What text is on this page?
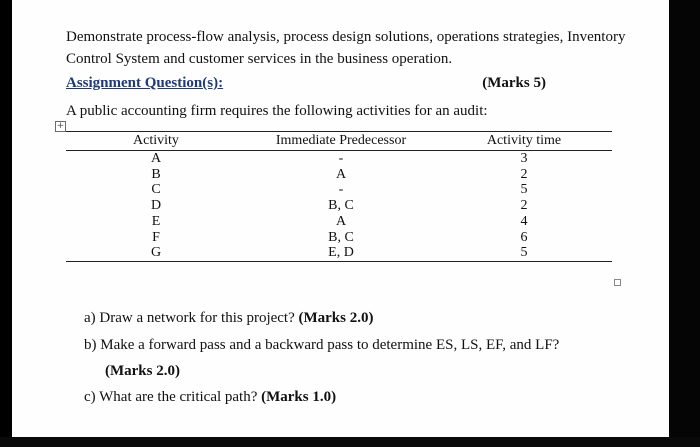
Demonstrate process-flow analysis, process design solutions, operations strategies, Inventory Control System and customer services in the business operation.

Assignment Question(s):	(Marks 5)

A public accounting firm requires the following activities for an audit:

+
Activity	Immediate Predecessor	Activity time
A	-	3
B	A	2
C	-	5
D	B, C	2
E	A	4
F	B, C	6
G	E, D	5
a) Draw a network for this project? (Marks 2.0)
b) Make a forward pass and a backward pass to determine ES, LS, EF, and LF?
(Marks 2.0)
c) What are the critical path? (Marks 1.0)
